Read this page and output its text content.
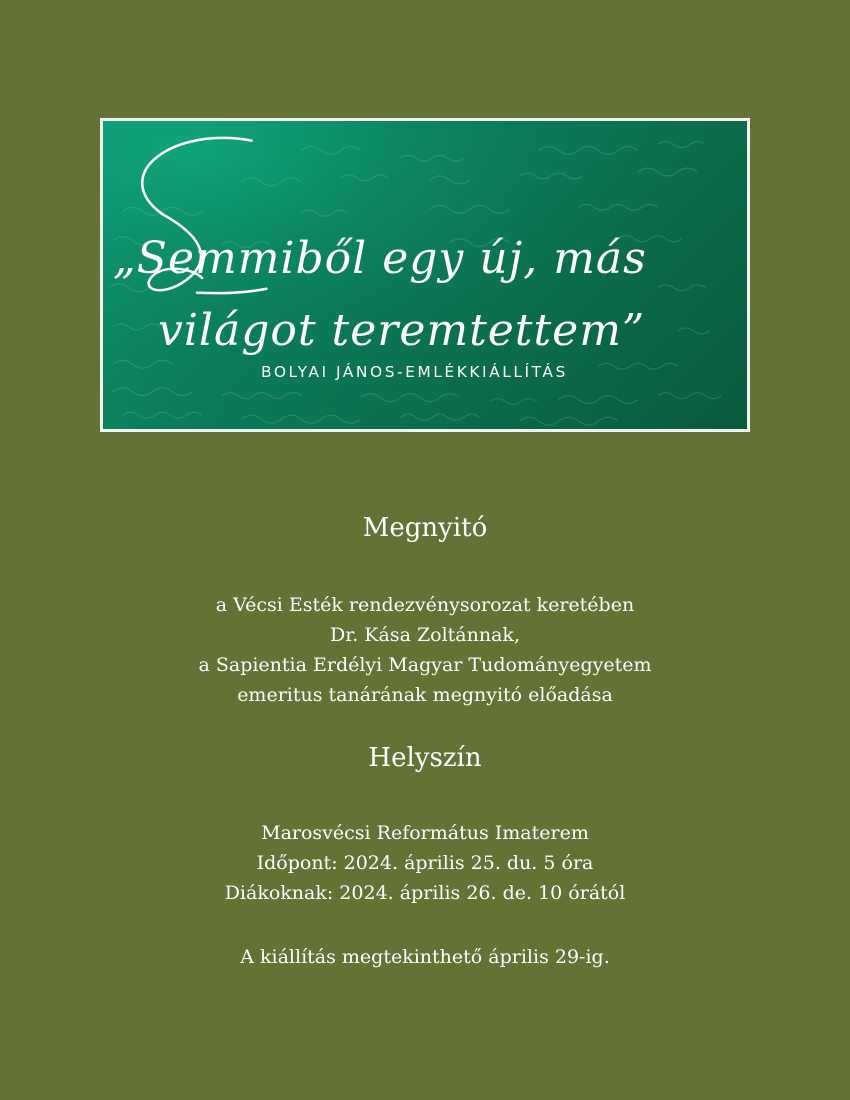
„Semmiből egy új, más
világot teremtettem”
BOLYAI JÁNOS-EMLÉKKIÁLLÍTÁS

Megnyitó

a Vécsi Esték rendezvénysorozat keretében
Dr. Kása Zoltánnak,
a Sapientia Erdélyi Magyar Tudományegyetem
emeritus tanárának megnyitó előadása

Helyszín

Marosvécsi Református Imaterem
Időpont: 2024. április 25. du. 5 óra
Diákoknak: 2024. április 26. de. 10 órától

A kiállítás megtekinthető április 29-ig.
